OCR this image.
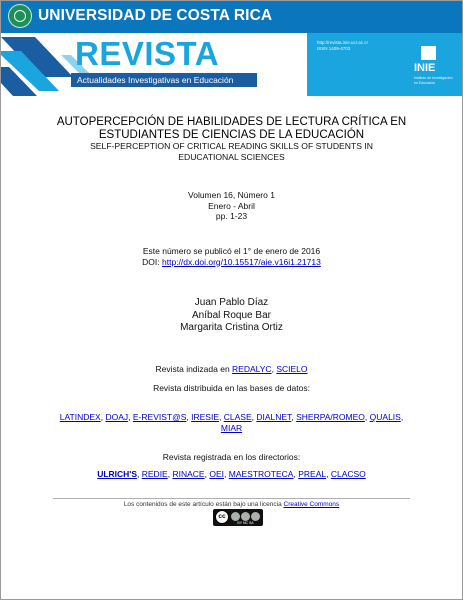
UNIVERSIDAD DE COSTA RICA
REVISTA
Actualidades Investigativas en Educación
http://revista.inie.ucr.ac.cr
ISSN 1409-4703
INIE
Instituto de Investigación en Educación
AUTOPERCEPCIÓN DE HABILIDADES DE LECTURA CRÍTICA EN ESTUDIANTES DE CIENCIAS DE LA EDUCACIÓN
SELF-PERCEPTION OF CRITICAL READING SKILLS OF STUDENTS IN EDUCATIONAL SCIENCES
Volumen 16, Número 1
Enero - Abril
pp. 1-23
Este número se publicó el 1° de enero de 2016
DOI: http://dx.doi.org/10.15517/aie.v16i1.21713
Juan Pablo Díaz
Aníbal Roque Bar
Margarita Cristina Ortiz
Revista indizada en REDALYC, SCIELO
Revista distribuida en las bases de datos:
LATINDEX, DOAJ, E-REVIST@S, IRESIE, CLASE, DIALNET, SHERPA/ROMEO, QUALIS, MIAR
Revista registrada en los directorios:
ULRICH'S, REDIE, RINACE, OEI, MAESTROTECA, PREAL, CLACSO
Los contenidos de este artículo están bajo una licencia Creative Commons
cc
BY NC SA
